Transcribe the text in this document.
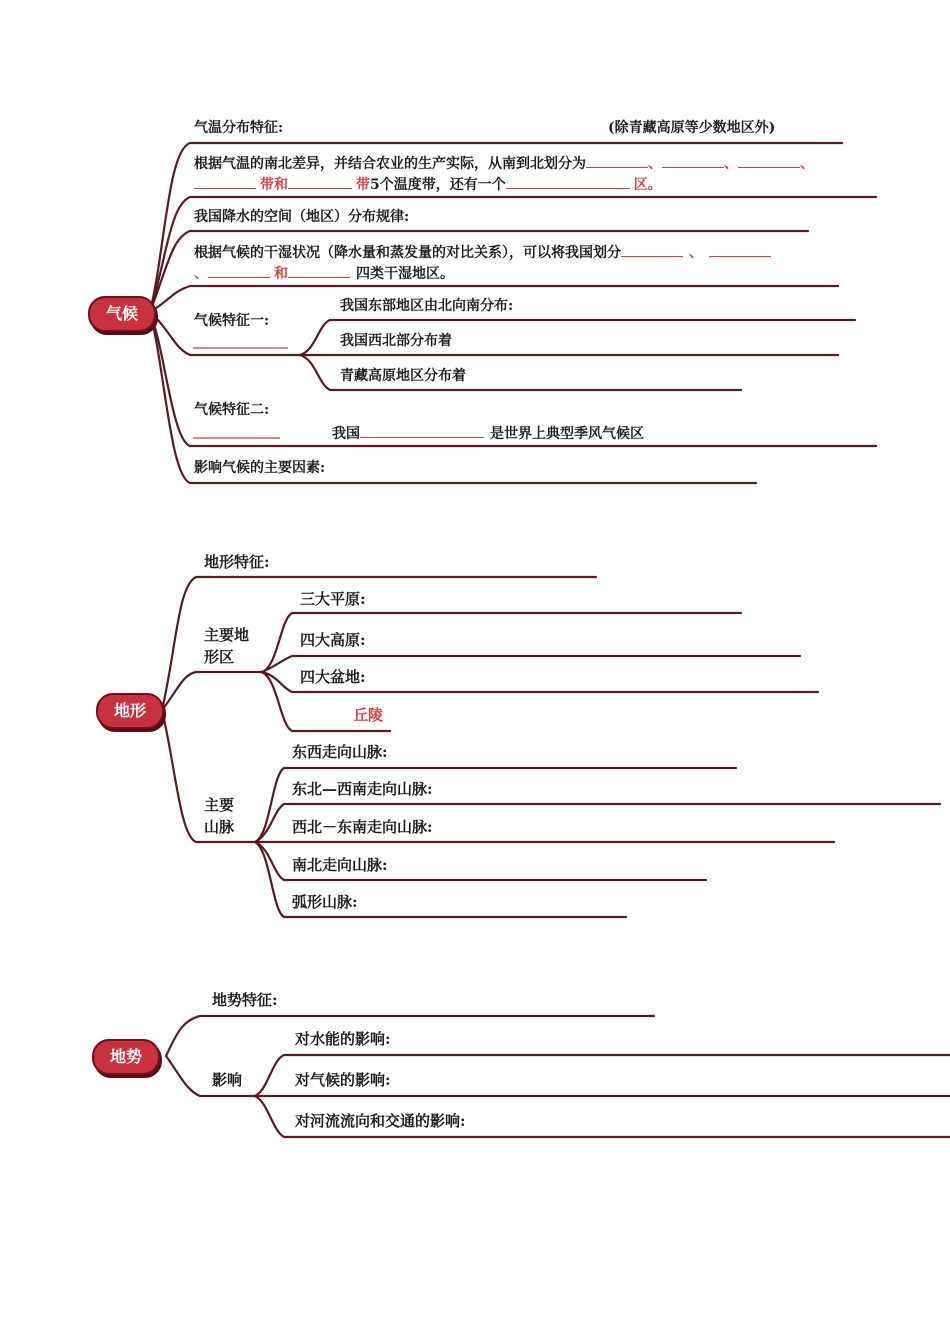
气候
气温分布特征:	(除青藏高原等少数地区外)
根据气温的南北差异，并结合农业的生产实际，从南到北划分为	、	、	、
带和	带5个温度带，还有一个	区。
我国降水的空间（地区）分布规律:
根据气候的干湿状况（降水量和蒸发量的对比关系），可以将我国划分	、
、	和	四类干湿地区。
气候特征一:
我国东部地区由北向南分布:
我国西北部分布着
青藏高原地区分布着
气候特征二:
我国	是世界上典型季风气候区
影响气候的主要因素:
地形
地形特征:
主要地
形区
三大平原:
四大高原:
四大盆地:
丘陵
主要
山脉
东西走向山脉:
东北—西南走向山脉:
西北－东南走向山脉:
南北走向山脉:
弧形山脉:
地势
地势特征:
影响
对水能的影响:
对气候的影响:
对河流流向和交通的影响:
